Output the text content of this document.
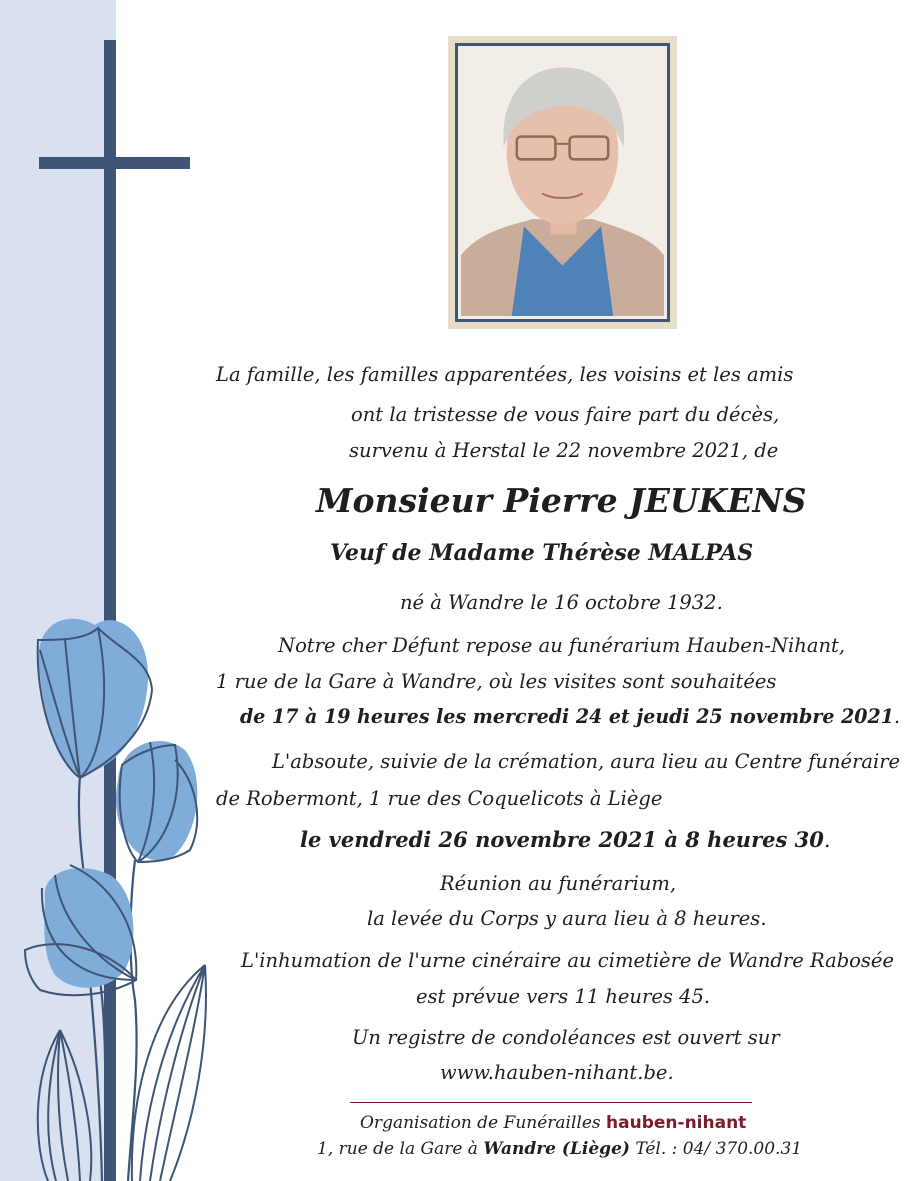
La famille, les familles apparentées, les voisins et les amis

ont la tristesse de vous faire part du décès,

survenu à Herstal le 22 novembre 2021, de

Monsieur Pierre JEUKENS

Veuf de Madame Thérèse MALPAS

né à Wandre le 16 octobre 1932.

Notre cher Défunt repose au funérarium Hauben-Nihant,

1 rue de la Gare à Wandre, où les visites sont souhaitées

de 17 à 19 heures les mercredi 24 et jeudi 25 novembre 2021.

L'absoute, suivie de la crémation, aura lieu au Centre funéraire

de Robermont, 1 rue des Coquelicots à Liège

le vendredi 26 novembre 2021 à 8 heures 30.

Réunion au funérarium,

la levée du Corps y aura lieu à 8 heures.

L'inhumation de l'urne cinéraire au cimetière de Wandre Rabosée

est prévue vers 11 heures 45.

Un registre de condoléances est ouvert sur

www.hauben-nihant.be.

Organisation de Funérailles hauben-nihant

1, rue de la Gare à Wandre (Liège) Tél. : 04/ 370.00.31
